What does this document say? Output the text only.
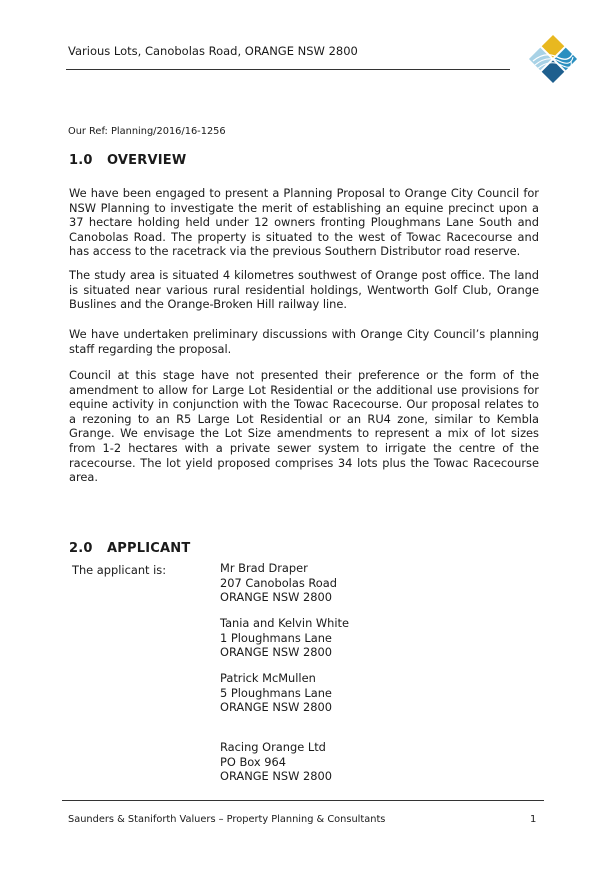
Various Lots, Canobolas Road, ORANGE NSW 2800
Our Ref: Planning/2016/16-1256
1.0 OVERVIEW

We have been engaged to present a Planning Proposal to Orange City Council for NSW Planning to investigate the merit of establishing an equine precinct upon a 37 hectare holding held under 12 owners fronting Ploughmans Lane South and Canobolas Road. The property is situated to the west of Towac Racecourse and has access to the racetrack via the previous Southern Distributor road reserve.

The study area is situated 4 kilometres southwest of Orange post office. The land is situated near various rural residential holdings, Wentworth Golf Club, Orange Buslines and the Orange-Broken Hill railway line.

We have undertaken preliminary discussions with Orange City Council’s planning staff regarding the proposal.

Council at this stage have not presented their preference or the form of the amendment to allow for Large Lot Residential or the additional use provisions for equine activity in conjunction with the Towac Racecourse. Our proposal relates to a rezoning to an R5 Large Lot Residential or an RU4 zone, similar to Kembla Grange. We envisage the Lot Size amendments to represent a mix of lot sizes from 1-2 hectares with a private sewer system to irrigate the centre of the racecourse. The lot yield proposed comprises 34 lots plus the Towac Racecourse area.

2.0 APPLICANT
The applicant is:	Mr Brad Draper
207 Canobolas Road
ORANGE NSW 2800
Tania and Kelvin White
1 Ploughmans Lane
ORANGE NSW 2800
Patrick McMullen
5 Ploughmans Lane
ORANGE NSW 2800
Racing Orange Ltd
PO Box 964
ORANGE NSW 2800
Saunders & Staniforth Valuers – Property Planning & Consultants	1
